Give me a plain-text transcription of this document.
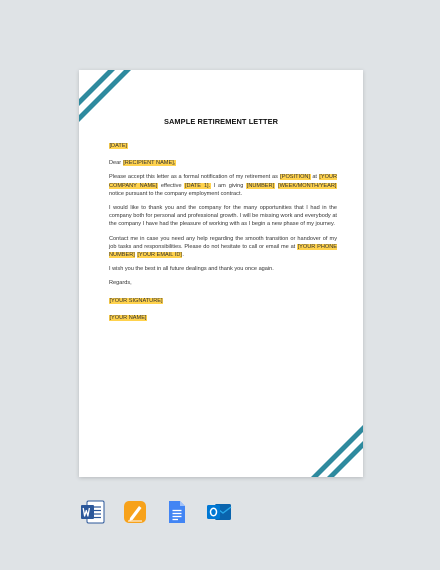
SAMPLE RETIREMENT LETTER

[DATE]

Dear [RECIPIENT NAME],

Please accept this letter as a formal notification of my retirement as [POSITION] at [YOUR COMPANY NAME] effective [DATE 1]. I am giving [NUMBER] [WEEK/MONTH/YEAR] notice pursuant to the company employment contract.

I would like to thank you and the company for the many opportunities that I had in the company both for personal and professional growth. I will be missing work and everybody at the company I have had the pleasure of working with as I begin a new phase of my journey.

Contact me in case you need any help regarding the smooth transition or handover of my job tasks and responsibilities. Please do not hesitate to call or email me at [YOUR PHONE NUMBER] [YOUR EMAIL ID].

I wish you the best in all future dealings and thank you once again.

Regards,

[YOUR SIGNATURE]

[YOUR NAME]
